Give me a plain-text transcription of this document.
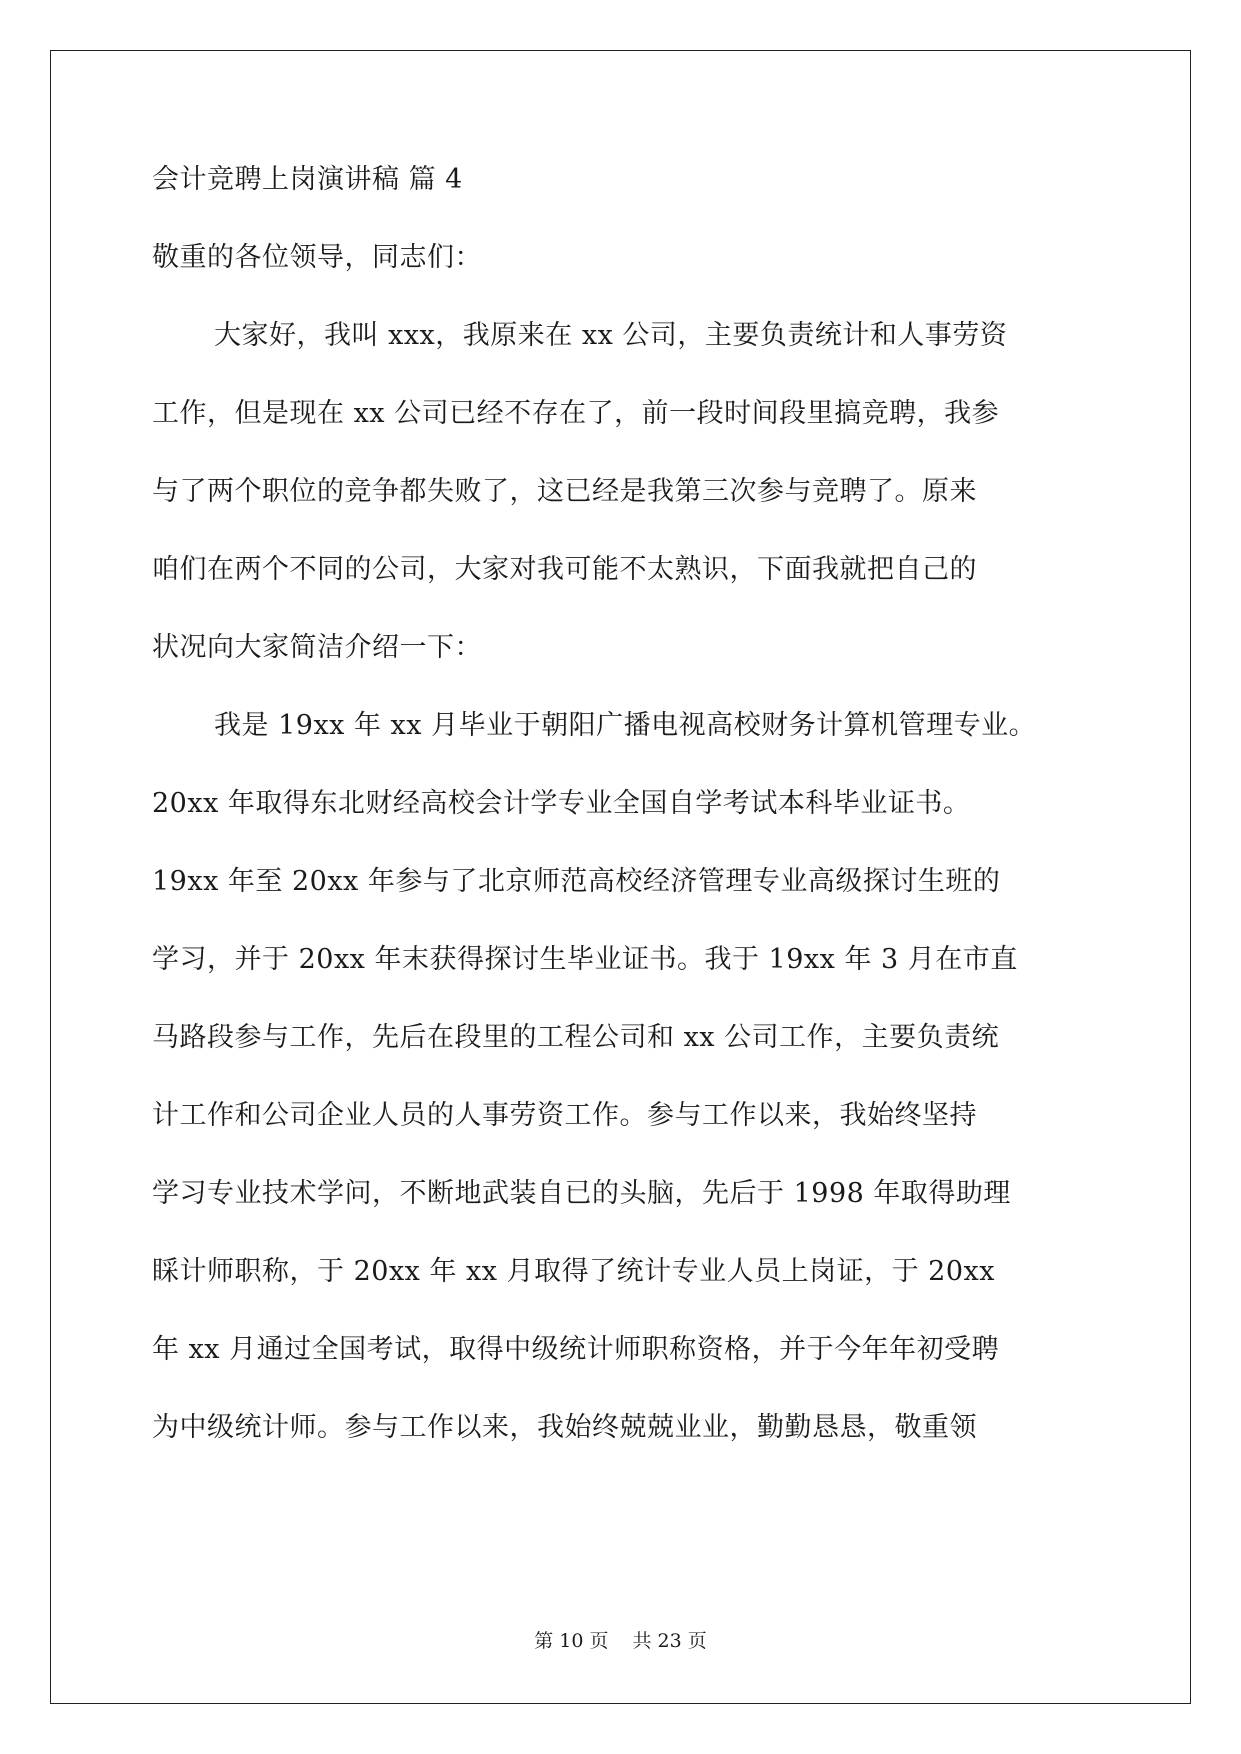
会计竞聘上岗演讲稿 篇 4
敬重的各位领导，同志们：
大家好，我叫 xxx，我原来在 xx 公司，主要负责统计和人事劳资
工作，但是现在 xx 公司已经不存在了，前一段时间段里搞竞聘，我参
与了两个职位的竞争都失败了，这已经是我第三次参与竞聘了。原来
咱们在两个不同的公司，大家对我可能不太熟识，下面我就把自己的
状况向大家简洁介绍一下：
我是 19xx 年 xx 月毕业于朝阳广播电视高校财务计算机管理专业。
20xx 年取得东北财经高校会计学专业全国自学考试本科毕业证书。
19xx 年至 20xx 年参与了北京师范高校经济管理专业高级探讨生班的
学习，并于 20xx 年末获得探讨生毕业证书。我于 19xx 年 3 月在市直
马路段参与工作，先后在段里的工程公司和 xx 公司工作，主要负责统
计工作和公司企业人员的人事劳资工作。参与工作以来，我始终坚持
学习专业技术学问，不断地武装自已的头脑，先后于 1998 年取得助理
睬计师职称，于 20xx 年 xx 月取得了统计专业人员上岗证，于 20xx
年 xx 月通过全国考试，取得中级统计师职称资格，并于今年年初受聘
为中级统计师。参与工作以来，我始终兢兢业业，勤勤恳恳，敬重领
第 10 页 共 23 页
